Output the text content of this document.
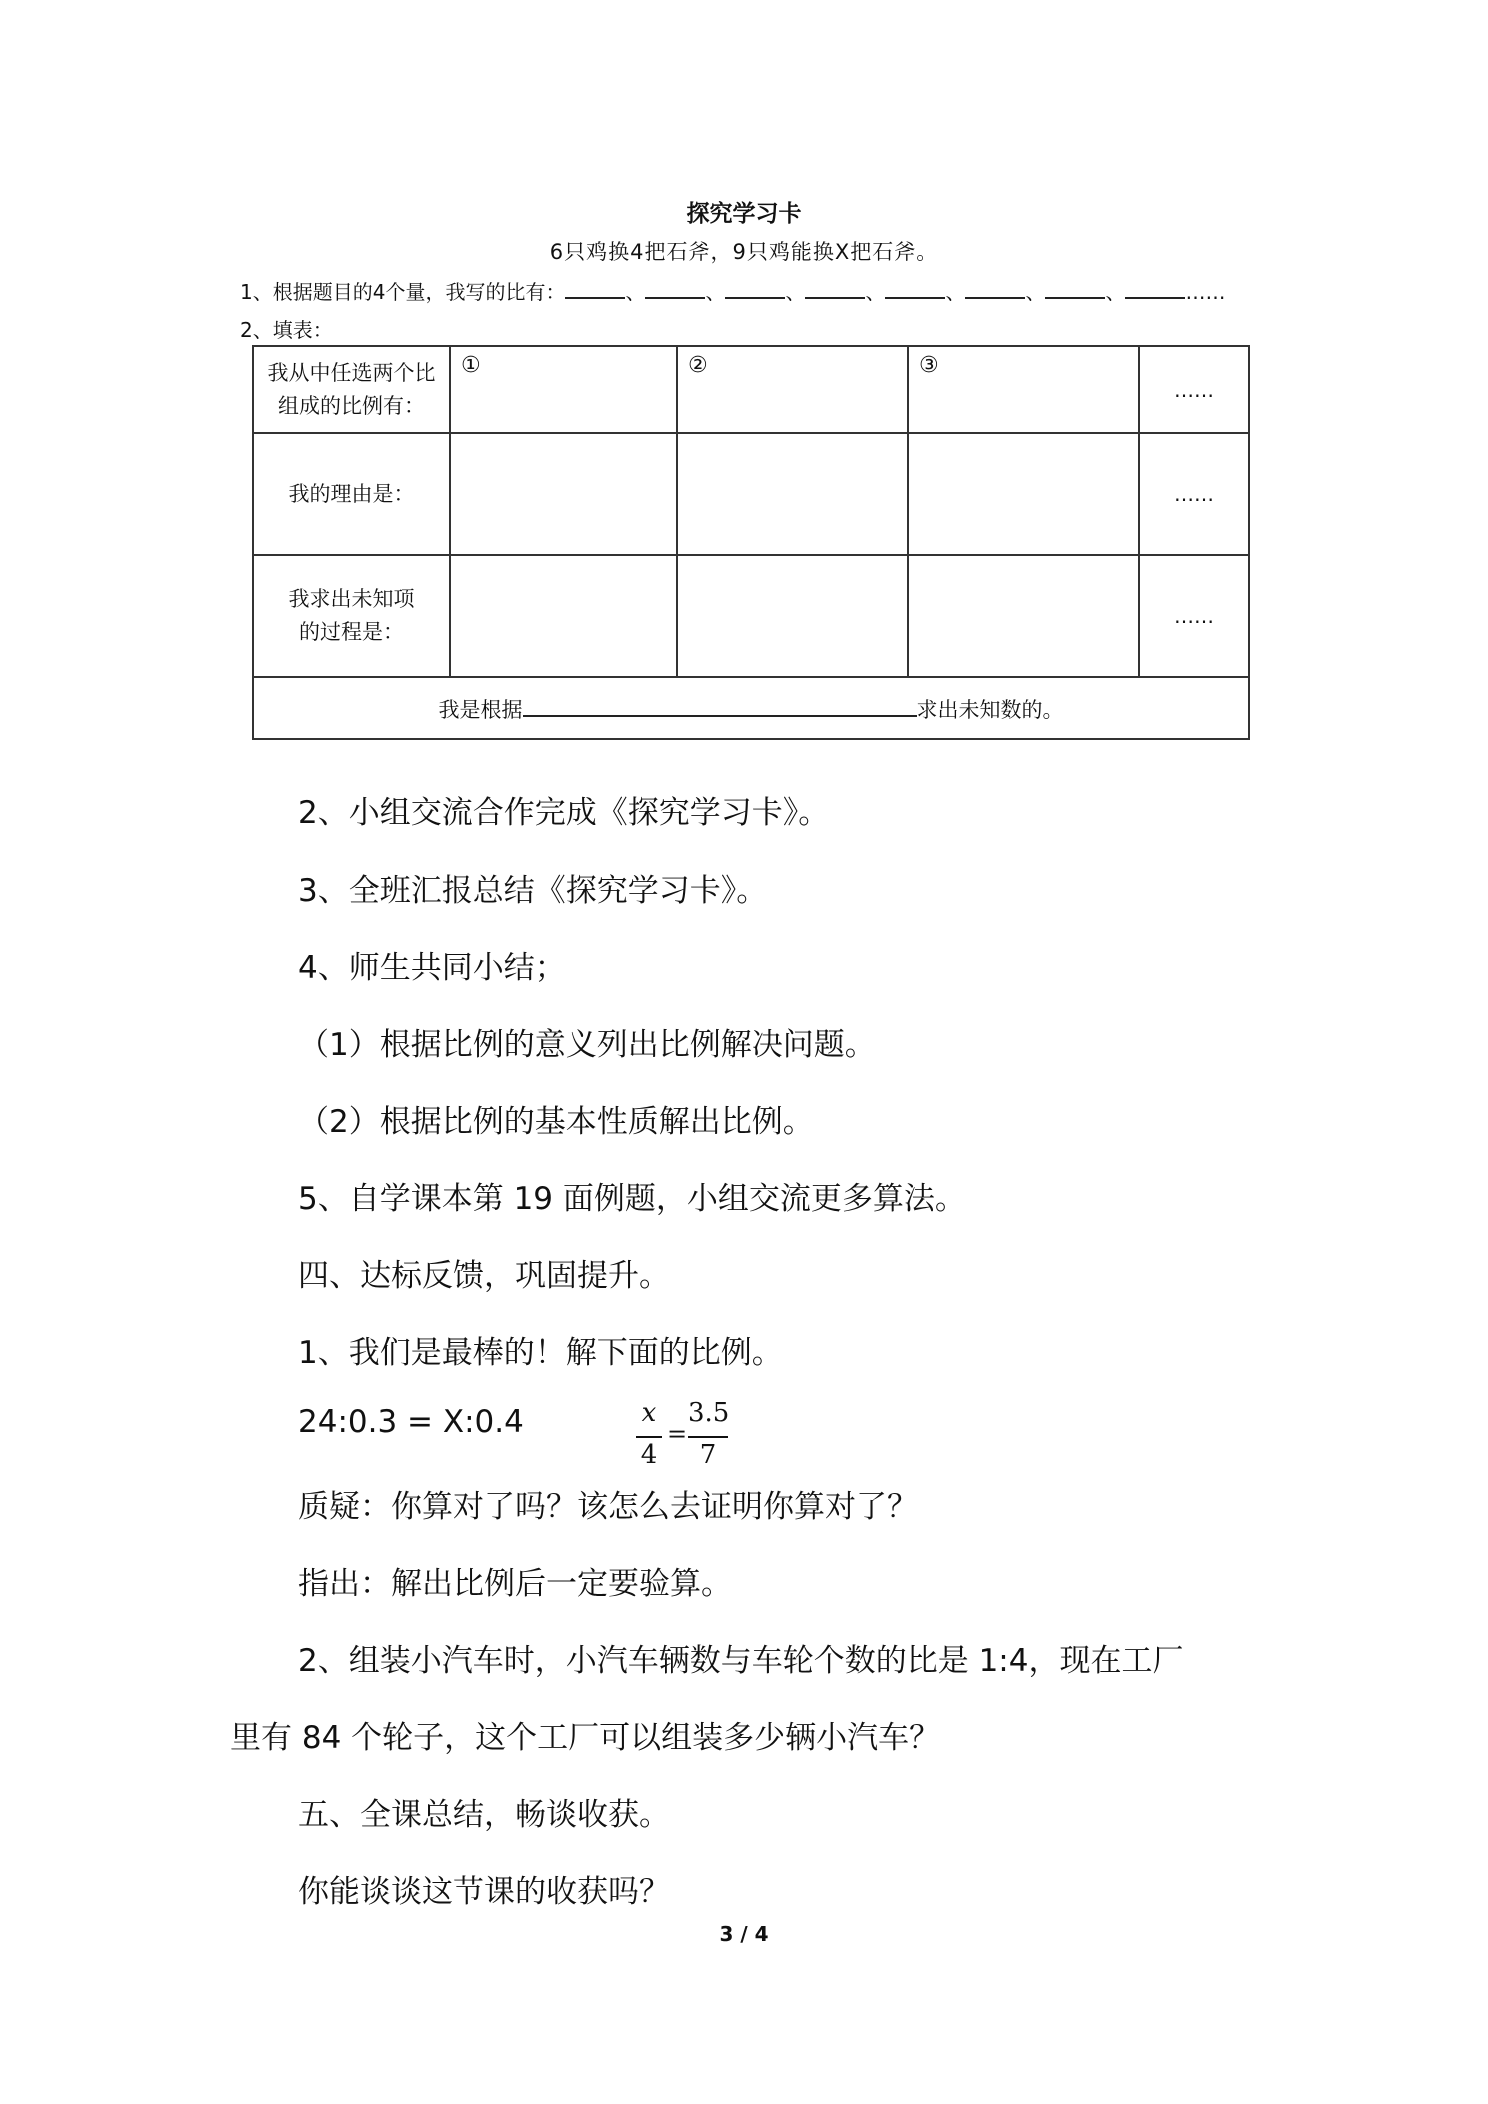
探究学习卡
6只鸡换4把石斧，9只鸡能换X把石斧。
1、根据题目的4个量，我写的比有：	、	、	、	、	、	、	、	……
2、填表：
我从中任选两个比组成的比例有：	①	②	③	……
我的理由是：				……
我求出未知项的过程是：				……
我是根据 求出未知数的。				
2、小组交流合作完成《探究学习卡》。
3、全班汇报总结《探究学习卡》。
4、师生共同小结；
（1）根据比例的意义列出比例解决问题。
（2）根据比例的基本性质解出比例。
5、自学课本第 19 面例题，小组交流更多算法。
四、达标反馈，巩固提升。
1、我们是最棒的！解下面的比例。
24:0.3 = X:0.4	x
4
=
3.5
7
质疑：你算对了吗？该怎么去证明你算对了？
指出：解出比例后一定要验算。
2、组装小汽车时，小汽车辆数与车轮个数的比是 1:4，现在工厂
里有 84 个轮子，这个工厂可以组装多少辆小汽车？
五、全课总结，畅谈收获。
你能谈谈这节课的收获吗？
3 / 4
